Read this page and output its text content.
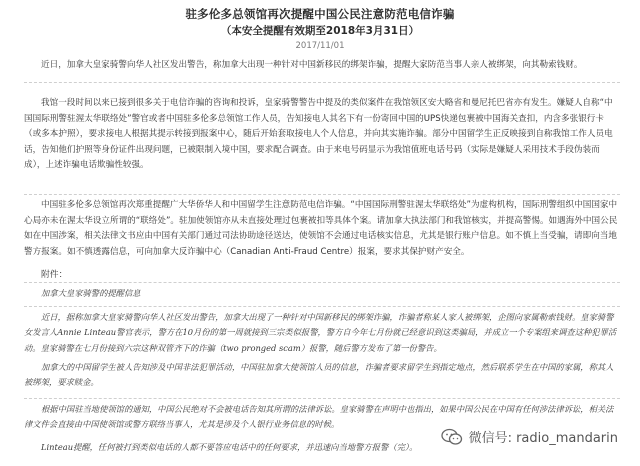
驻多伦多总领馆再次提醒中国公民注意防范电信诈骗
（本安全提醒有效期至2018年3月31日）
2017/11/01

近日，加拿大皇家骑警向华人社区发出警告，称加拿大出现一种针对中国新移民的绑架诈骗，提醒大家防范当事人亲人被绑架，向其勒索钱财。

我馆一段时间以来已接到很多关于电信诈骗的咨询和投诉，皇家骑警警告中提及的类似案件在我馆领区安大略省和曼尼托巴省亦有发生。嫌疑人自称“中国国际刑警驻渥太华联络处”警官或者中国驻多伦多总领馆工作人员，告知接电人其名下有一份寄回中国的UPS快递包裹被中国海关查扣，内含多张银行卡（或多本护照），要求接电人根据其提示转接到报案中心，随后开始套取接电人个人信息，并向其实施诈骗。部分中国留学生正反映接到自称我馆工作人员电话，告知他们护照等身份证件出现问题，已被限制入境中国，要求配合调查。由于来电号码显示为我馆值班电话号码（实际是嫌疑人采用技术手段伪装而成），上述诈骗电话欺骗性较强。

中国驻多伦多总领馆再次郑重提醒广大华侨华人和中国留学生注意防范电信诈骗。“中国国际刑警驻渥太华联络处”为虚构机构，国际刑警组织中国国家中心局亦未在渥太华设立所谓的“联络处”。驻加使领馆亦从未直接处理过包裹被扣等具体个案。请加拿大执法部门和我馆核实，并提高警惕。如遇海外中国公民如在中国涉案，相关法律文书应由中国有关部门通过司法协助途径送达，使领馆不会通过电话核实信息，尤其是银行账户信息。如不慎上当受骗，请即向当地警方报案。如不慎透露信息，可向加拿大反诈骗中心（Canadian Anti-Fraud Centre）报案，要求其保护财产安全。

附件：

加拿大皇家骑警的提醒信息

近日，据称加拿大皇家骑警向华人社区发出警告，加拿大出现了一种针对中国新移民的绑架诈骗，诈骗者称某人家人被绑架，企图向家属勒索钱财。皇家骑警女发言人Annie Linteau警官表示，警方在10月份的第一周就接到三宗类似报警，警方自今年七月份就已经意识到这类骗局，并成立一个专案组来调查这种犯罪活动。皇家骑警在七月份接到六宗这种双管齐下的诈骗（two pronged scam）报警，随后警方发布了第一份警告。

加拿大的中国留学生被人告知涉及中国非法犯罪活动，中国驻加拿大使领馆人员的信息，诈骗者要求留学生到指定地点，然后联系学生在中国的家属，称其人被绑架，要求赎金。

根据中国驻当地使领馆的通知，中国公民绝对不会被电话告知其所谓的法律诉讼。皇家骑警在声明中也指出，如果中国公民在中国有任何涉法律诉讼，相关法律文件会直接由中国使领馆或警方联络当事人，尤其是涉及个人银行业务信息的时候。

Linteau提醒，任何被打到类似电话的人都不要答应电话中的任何要求，并迅速向当地警方报警（完）。

微信号: radio_mandarin
